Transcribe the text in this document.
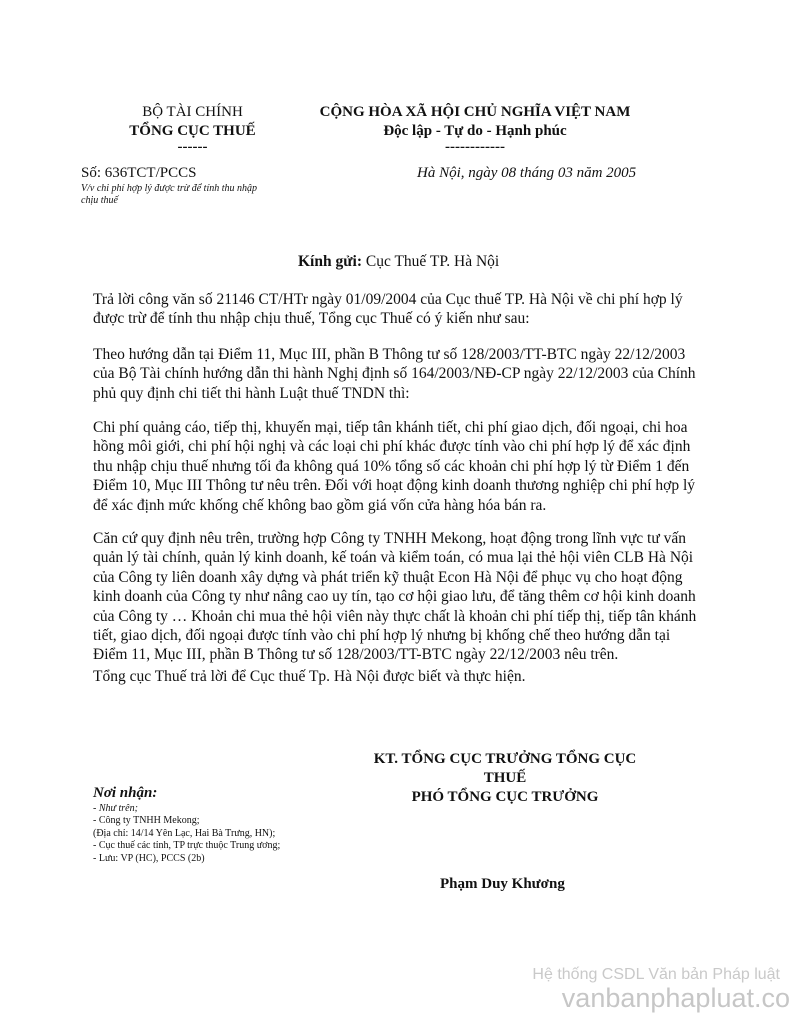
BỘ TÀI CHÍNH
TỔNG CỤC THUẾ
------
CỘNG HÒA XÃ HỘI CHỦ NGHĨA VIỆT NAM
Độc lập - Tự do - Hạnh phúc
------------
Số: 636TCT/PCCS
V/v chi phí hợp lý được trừ để tính thu nhập
chịu thuế
Hà Nội, ngày 08 tháng 03 năm 2005
Kính gửi: Cục Thuế TP. Hà Nội
Trả lời công văn số 21146 CT/HTr ngày 01/09/2004 của Cục thuế TP. Hà Nội về chi phí hợp lý
được trừ để tính thu nhập chịu thuế, Tổng cục Thuế có ý kiến như sau:
Theo hướng dẫn tại Điểm 11, Mục III, phần B Thông tư số 128/2003/TT-BTC ngày 22/12/2003
của Bộ Tài chính hướng dẫn thi hành Nghị định số 164/2003/NĐ-CP ngày 22/12/2003 của Chính
phủ quy định chi tiết thi hành Luật thuế TNDN thì:
Chi phí quảng cáo, tiếp thị, khuyến mại, tiếp tân khánh tiết, chi phí giao dịch, đối ngoại, chi hoa
hồng môi giới, chi phí hội nghị và các loại chi phí khác được tính vào chi phí hợp lý để xác định
thu nhập chịu thuế nhưng tối đa không quá 10% tổng số các khoản chi phí hợp lý từ Điểm 1 đến
Điểm 10, Mục III Thông tư nêu trên. Đối với hoạt động kinh doanh thương nghiệp chi phí hợp lý
để xác định mức khống chế không bao gồm giá vốn cửa hàng hóa bán ra.
Căn cứ quy định nêu trên, trường hợp Công ty TNHH Mekong, hoạt động trong lĩnh vực tư vấn
quản lý tài chính, quản lý kinh doanh, kế toán và kiểm toán, có mua lại thẻ hội viên CLB Hà Nội
của Công ty liên doanh xây dựng và phát triển kỹ thuật Econ Hà Nội để phục vụ cho hoạt động
kinh doanh của Công ty như nâng cao uy tín, tạo cơ hội giao lưu, để tăng thêm cơ hội kinh doanh
của Công ty … Khoản chi mua thẻ hội viên này thực chất là khoản chi phí tiếp thị, tiếp tân khánh
tiết, giao dịch, đối ngoại được tính vào chi phí hợp lý nhưng bị khống chế theo hướng dẫn tại
Điểm 11, Mục III, phần B Thông tư số 128/2003/TT-BTC ngày 22/12/2003 nêu trên.
Tổng cục Thuế trả lời để Cục thuế Tp. Hà Nội được biết và thực hiện.
KT. TỔNG CỤC TRƯỞNG TỔNG CỤC
THUẾ
PHÓ TỔNG CỤC TRƯỞNG
Phạm Duy Khương
Nơi nhận:
- Như trên;
- Công ty TNHH Mekong;
(Địa chỉ: 14/14 Yên Lạc, Hai Bà Trưng, HN);
- Cục thuế các tỉnh, TP trực thuộc Trung ương;
- Lưu: VP (HC), PCCS (2b)
Hệ thống CSDL Văn bản Pháp luật
vanbanphapluat.co
